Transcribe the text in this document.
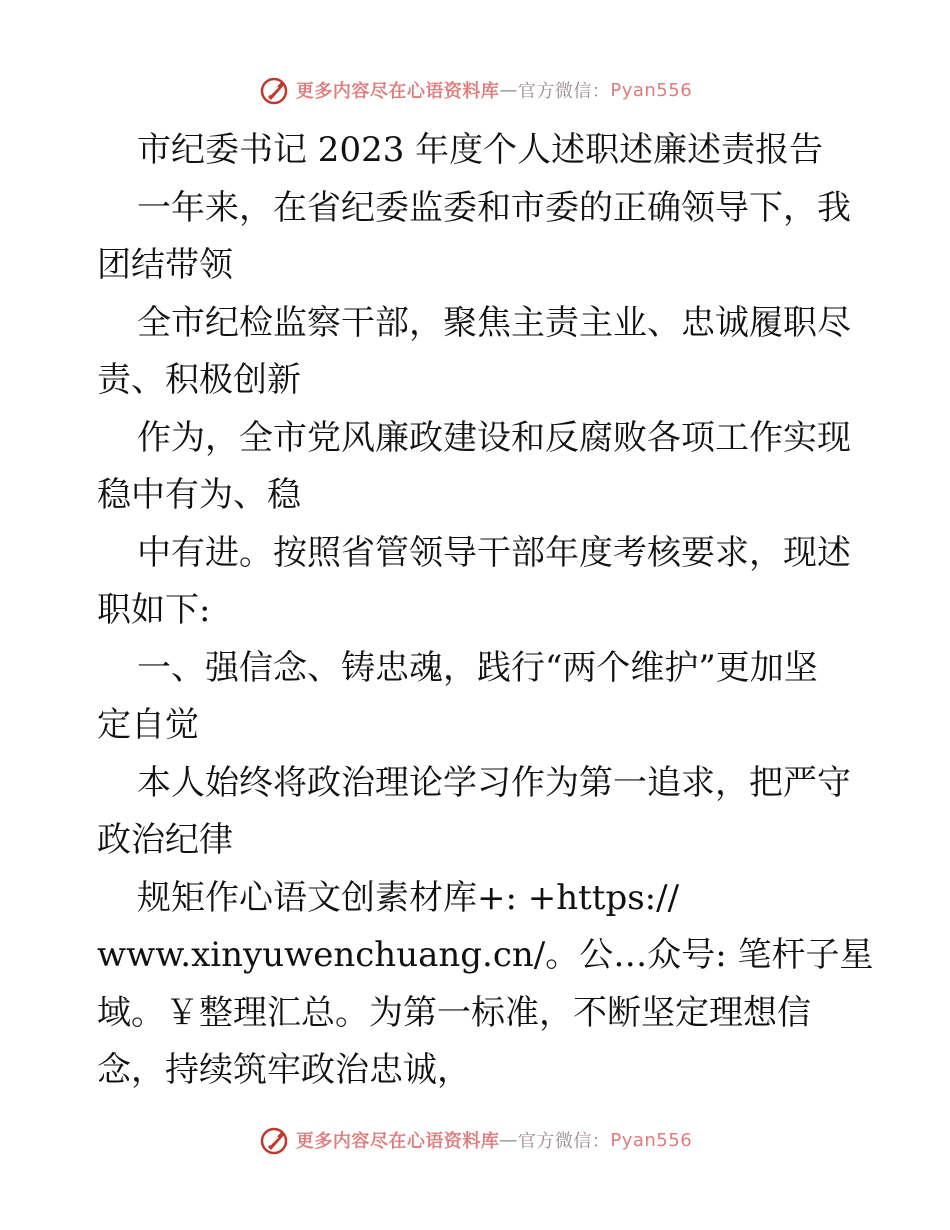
更多内容尽在心语资料库 — 官方微信： Pyan556
市纪委书记 2023 年度个人述职述廉述责报告
一年来，在省纪委监委和市委的正确领导下，我
团结带领
全市纪检监察干部，聚焦主责主业、忠诚履职尽
责、积极创新
作为，全市党风廉政建设和反腐败各项工作实现
稳中有为、稳
中有进。按照省管领导干部年度考核要求，现述
职如下:
一、强信念、铸忠魂，践行“两个维护”更加坚
定自觉
本人始终将政治理论学习作为第一追求，把严守
政治纪律
规矩作心语文创素材库+: +https://
www.xinyuwenchuang.cn/。公…众号: 笔杆子星
域。￥整理汇总。为第一标准，不断坚定理想信
念，持续筑牢政治忠诚，
更多内容尽在心语资料库 — 官方微信： Pyan556
